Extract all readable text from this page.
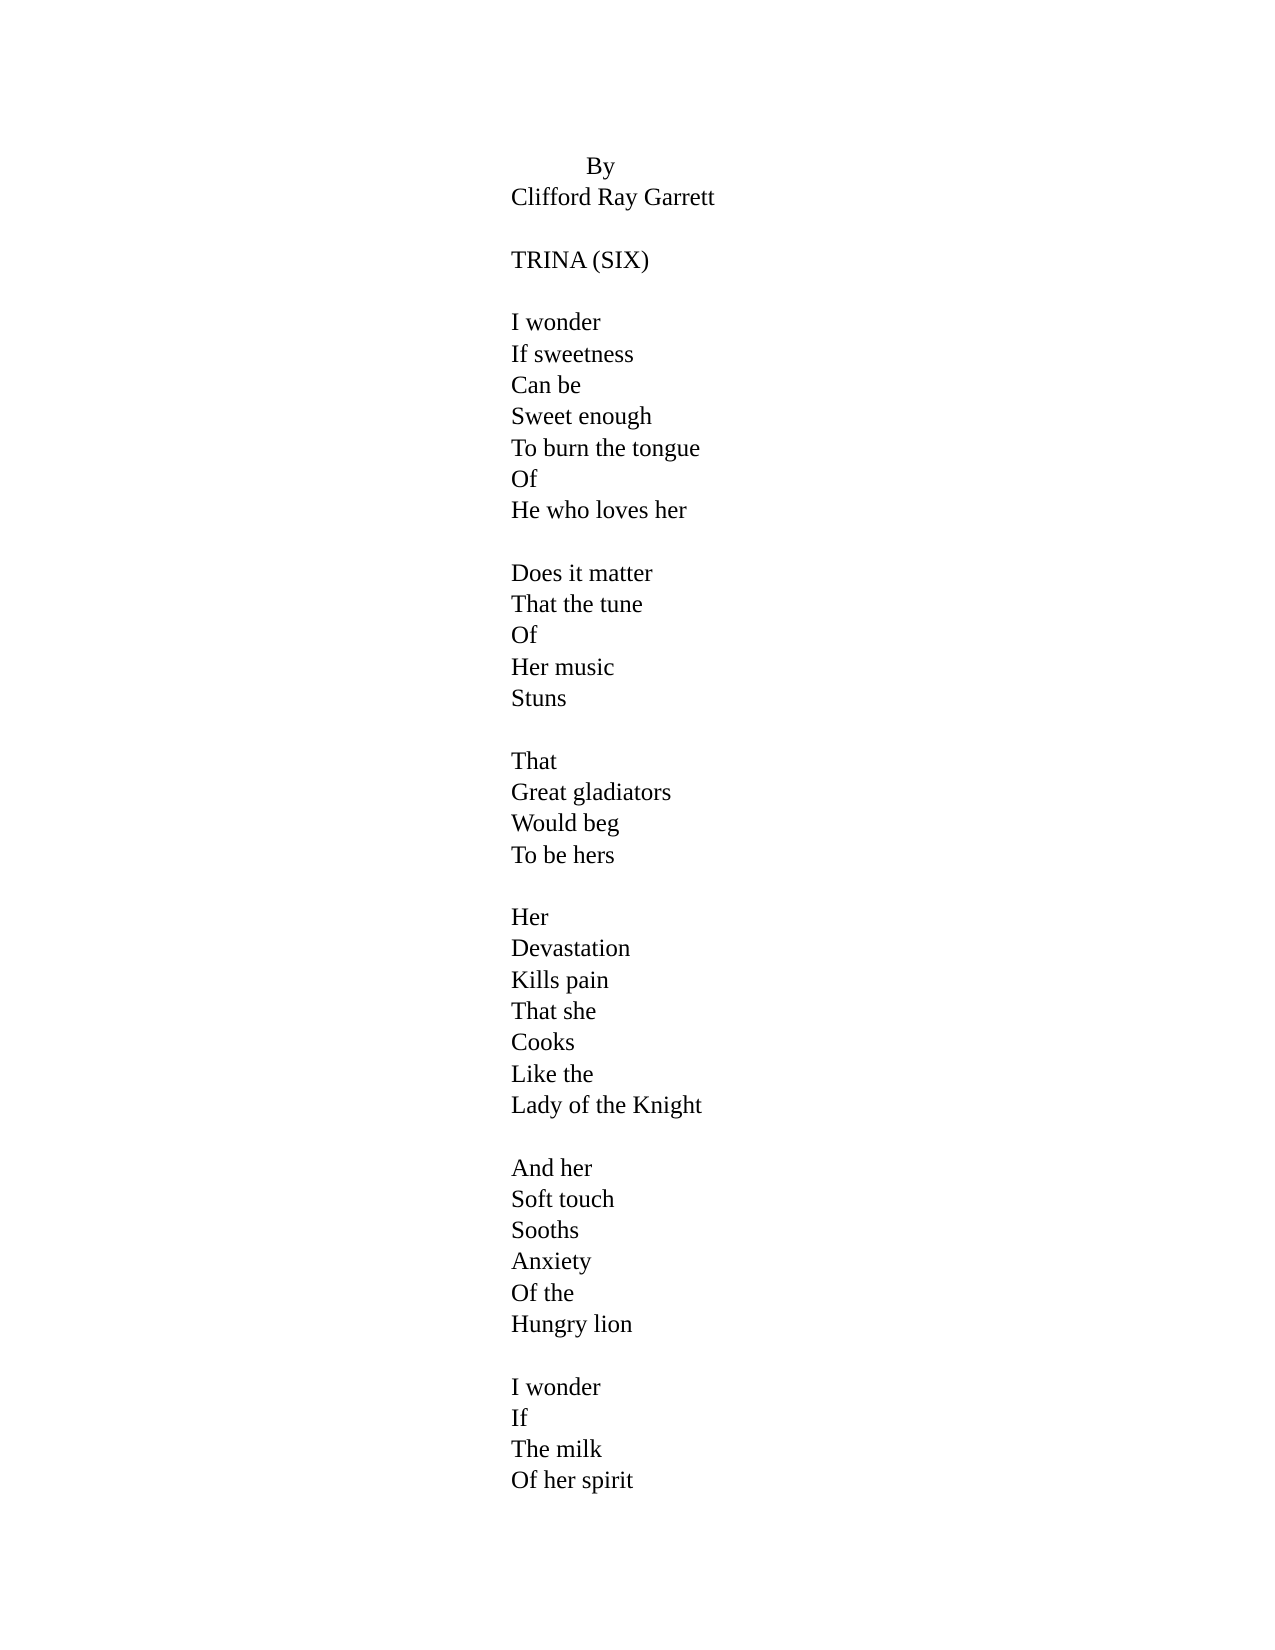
By
Clifford Ray Garrett
TRINA (SIX)
I wonder
If sweetness
Can be
Sweet enough
To burn the tongue
Of
He who loves her
Does it matter
That the tune
Of
Her music
Stuns
That
Great gladiators
Would beg
To be hers
Her
Devastation
Kills pain
That she
Cooks
Like the
Lady of the Knight
And her
Soft touch
Sooths
Anxiety
Of the
Hungry lion
I wonder
If
The milk
Of her spirit
